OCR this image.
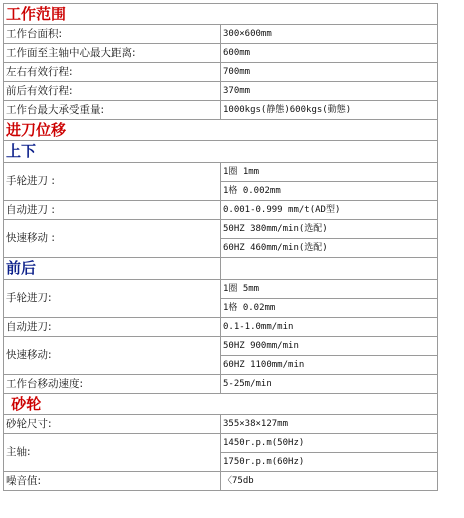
工作范围	
工作台面积:	300×600mm
工作面至主轴中心最大距离:	600mm
左右有效行程:	700mm
前后有效行程:	370mm
工作台最大承受重量:	1000kgs(静態)600kgs(動態)
进刀位移	
上下	
手轮进刀 :	1圈 1mm
	1格 0.002mm
自动进刀 :	0.001-0.999 mm/t(AD型)
快速移动 :	50HZ 380mm/min(选配)
	60HZ 460mm/min(选配)
前后	
手轮进刀:	1圈 5mm
	1格 0.02mm
自动进刀:	0.1-1.0mm/min
快速移动:	50HZ 900mm/min
	60HZ 1100mm/min
工作台移动速度:	5-25m/min
砂轮	
砂轮尺寸:	355×38×127mm
主轴:	1450r.p.m(50Hz)
	1750r.p.m(60Hz)
噪音值:	〈75db
